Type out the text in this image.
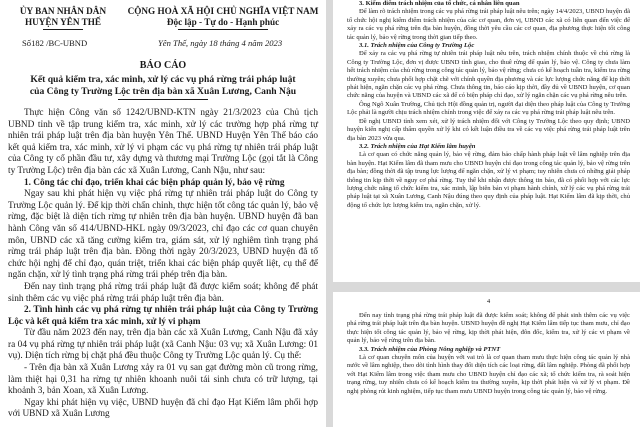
ỦY BAN NHÂN DÂN
HUYỆN YÊN THẾ
CỘNG HOÀ XÃ HỘI CHỦ NGHĨA VIỆT NAM
Độc lập - Tự do - Hạnh phúc
Số182 /BC-UBND	Yên Thế, ngày 18 tháng 4 năm 2023
BÁO CÁO
Kết quả kiểm tra, xác minh, xử lý các vụ phá rừng trái pháp luật
của Công ty Trường Lộc trên địa bàn xã Xuân Lương, Canh Nậu

Thực hiện Công văn số 1242/UBND-KTN ngày 21/3/2023 của Chủ tịch UBND tỉnh về tập trung kiểm tra, xác minh, xử lý các trường hợp phá rừng tự nhiên trái pháp luật trên địa bàn huyện Yên Thế. UBND Huyện Yên Thế báo cáo kết quả kiểm tra, xác minh, xử lý vi phạm các vụ phá rừng tự nhiên trái pháp luật của Công ty cổ phần đầu tư, xây dựng và thương mại Trường Lộc (gọi tắt là Công ty Trường Lộc) trên địa bàn các xã Xuân Lương, Canh Nậu, như sau:

1. Công tác chỉ đạo, triển khai các biện pháp quản lý, bảo vệ rừng

Ngay sau khi phát hiện vụ việc phá rừng tự nhiên trái pháp luật do Công ty Trường Lộc quản lý. Để kịp thời chấn chỉnh, thực hiện tốt công tác quản lý, bảo vệ rừng, đặc biệt là diện tích rừng tự nhiên trên địa bàn huyện. UBND huyện đã ban hành Công văn số 414/UBND-HKL ngày 09/3/2023, chỉ đạo các cơ quan chuyên môn, UBND các xã tăng cường kiểm tra, giám sát, xử lý nghiêm tình trạng phá rừng trái pháp luật trên địa bàn. Đồng thời ngày 20/3/2023, UBND huyện đã tổ chức hội nghị để chỉ đạo, quán triệt, triển khai các biện pháp quyết liệt, cụ thể để ngăn chặn, xử lý tình trạng phá rừng trái phép trên địa bàn.

Đến nay tình trạng phá rừng trái pháp luật đã được kiểm soát; không để phát sinh thêm các vụ việc phá rừng trái pháp luật trên địa bàn.

2. Tình hình các vụ phá rừng tự nhiên trái pháp luật của Công ty Trường Lộc và kết quả kiểm tra xác minh, xử lý vi phạm

Từ đầu năm 2023 đến nay, trên địa bàn các xã Xuân Lương, Canh Nậu đã xảy ra 04 vụ phá rừng tự nhiên trái pháp luật (xã Canh Nậu: 03 vụ; xã Xuân Lương: 01 vụ). Diện tích rừng bị chặt phá đều thuộc Công ty Trường Lộc quản lý. Cụ thể:

- Trên địa bàn xã Xuân Lương xảy ra 01 vụ san gạt đường mòn cũ trong rừng, làm thiệt hại 0,31 ha rừng tự nhiên khoanh nuôi tái sinh chưa có trữ lượng, tại khoảnh 3, bản Xoan, xã Xuân Lương.

Ngay khi phát hiện vụ việc, UBND huyện đã chỉ đạo Hạt Kiểm lâm phối hợp với UBND xã Xuân Lương

3. Kiểm điểm trách nhiệm của tổ chức, cá nhân liên quan

Để làm rõ trách nhiệm trong các vụ phá rừng trái pháp luật nêu trên; ngày 14/4/2023, UBND huyện đã tổ chức hội nghị kiểm điểm trách nhiệm của các cơ quan, đơn vị, UBND các xã có liên quan đến việc để xảy ra các vụ phá rừng trên địa bàn huyện, đồng thời yêu cầu các cơ quan, địa phương thực hiện tốt công tác quản lý, bảo vệ rừng trong thời gian tiếp theo.

3.1. Trách nhiệm của Công ty Trường Lộc

Để xảy ra các vụ phá rừng tự nhiên trái pháp luật nêu trên, trách nhiệm chính thuộc về chủ rừng là Công ty Trường Lộc, đơn vị được UBND tỉnh giao, cho thuê rừng để quản lý, bảo vệ. Công ty chưa làm hết trách nhiệm của chủ rừng trong công tác quản lý, bảo vệ rừng; chưa có kế hoạch tuần tra, kiểm tra rừng thường xuyên; chưa phối hợp chặt chẽ với chính quyền địa phương và các lực lượng chức năng để kịp thời phát hiện, ngăn chặn các vụ phá rừng. Chưa thông tin, báo cáo kịp thời, đầy đủ về UBND huyện, cơ quan chức năng của huyện và UBND các xã để có biện pháp chỉ đạo, xử lý ngăn chặn các vụ phá rừng nêu trên.

Ông Ngô Xuân Trường, Chủ tịch Hội đồng quản trị, người đại diện theo pháp luật của Công ty Trường Lộc phải là người chịu trách nhiệm chính trong việc để xảy ra các vụ phá rừng trái pháp luật nêu trên.

Đề nghị UBND tỉnh xem xét, xử lý trách nhiệm đối với Công ty Trường Lộc theo quy định; UBND huyện kiến nghị cấp thẩm quyền xử lý khi có kết luận điều tra về các vụ việc phá rừng trái pháp luật trên địa bàn 2023 vừa qua.

3.2. Trách nhiệm của Hạt Kiểm lâm huyện

Là cơ quan có chức năng quản lý, bảo vệ rừng, đảm bảo chấp hành pháp luật về lâm nghiệp trên địa bàn huyện. Hạt Kiểm lâm đã tham mưu cho UBND huyện chỉ đạo trong công tác quản lý, bảo vệ rừng trên địa bàn; đồng thời đã tập trung lực lượng để ngăn chặn, xử lý vi phạm; tuy nhiên chưa có những giải pháp thông tin kịp thời về nguy cơ phá rừng. Tuy thế khi nhận được thông tin báo, đã có phối hợp với các lực lượng chức năng tổ chức kiểm tra, xác minh, lập biên bản vi phạm hành chính, xử lý các vụ phá rừng trái pháp luật tại xã Xuân Lương, Canh Nậu đúng theo quy định của pháp luật. Hạt Kiểm lâm đã kịp thời, chủ động tổ chức lực lượng kiểm tra, ngăn chặn, xử lý.

4

Đến nay tình trạng phá rừng trái pháp luật đã được kiểm soát; không để phát sinh thêm các vụ việc phá rừng trái pháp luật trên địa bàn huyện. UBND huyện đề nghị Hạt Kiểm lâm tiếp tục tham mưu, chỉ đạo thực hiện tốt công tác quản lý, bảo vệ rừng, kịp thời phát hiện, đôn đốc, kiểm tra, xử lý các vi phạm về quản lý, bảo vệ rừng trên địa bàn.

3.3. Trách nhiệm của Phòng Nông nghiệp và PTNT

Là cơ quan chuyên môn của huyện với vai trò là cơ quan tham mưu thực hiện công tác quản lý nhà nước về lâm nghiệp, theo dõi tình hình thay đổi diện tích các loại rừng, đất lâm nghiệp. Phòng đã phối hợp với Hạt Kiểm lâm trong việc tham mưu cho UBND huyện chỉ đạo các xã; tổ chức kiểm tra, rà soát hiện trạng rừng, tuy nhiên chưa có kế hoạch kiểm tra thường xuyên, kịp thời phát hiện và xử lý vi phạm. Đề nghị phòng rút kinh nghiệm, tiếp tục tham mưu UBND huyện trong công tác quản lý, bảo vệ rừng.
